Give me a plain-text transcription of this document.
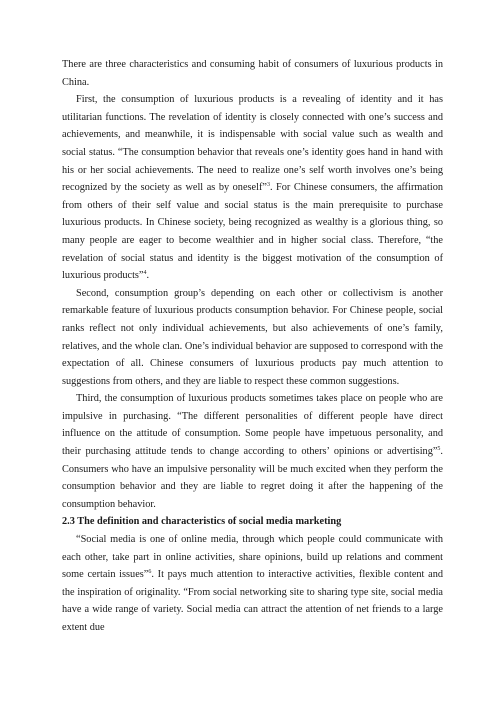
There are three characteristics and consuming habit of consumers of luxurious products in China.

First, the consumption of luxurious products is a revealing of identity and it has utilitarian functions. The revelation of identity is closely connected with one’s success and achievements, and meanwhile, it is indispensable with social value such as wealth and social status. “The consumption behavior that reveals one’s identity goes hand in hand with his or her social achievements. The need to realize one’s self worth involves one’s being recognized by the society as well as by oneself”$^3$. For Chinese consumers, the affirmation from others of their self value and social status is the main prerequisite to purchase luxurious products. In Chinese society, being recognized as wealthy is a glorious thing, so many people are eager to become wealthier and in higher social class. Therefore, “the revelation of social status and identity is the biggest motivation of the consumption of luxurious products”$^4$.

Second, consumption group’s depending on each other or collectivism is another remarkable feature of luxurious products consumption behavior. For Chinese people, social ranks reflect not only individual achievements, but also achievements of one’s family, relatives, and the whole clan. One’s individual behavior are supposed to correspond with the expectation of all. Chinese consumers of luxurious products pay much attention to suggestions from others, and they are liable to respect these common suggestions.

Third, the consumption of luxurious products sometimes takes place on people who are impulsive in purchasing. “The different personalities of different people have direct influence on the attitude of consumption. Some people have impetuous personality, and their purchasing attitude tends to change according to others’ opinions or advertising”$^5$. Consumers who have an impulsive personality will be much excited when they perform the consumption behavior and they are liable to regret doing it after the happening of the consumption behavior.

2.3 The definition and characteristics of social media marketing

“Social media is one of online media, through which people could communicate with each other, take part in online activities, share opinions, build up relations and comment some certain issues”$^6$. It pays much attention to interactive activities, flexible content and the inspiration of originality. “From social networking site to sharing type site, social media have a wide range of variety. Social media can attract the attention of net friends to a large extent due
